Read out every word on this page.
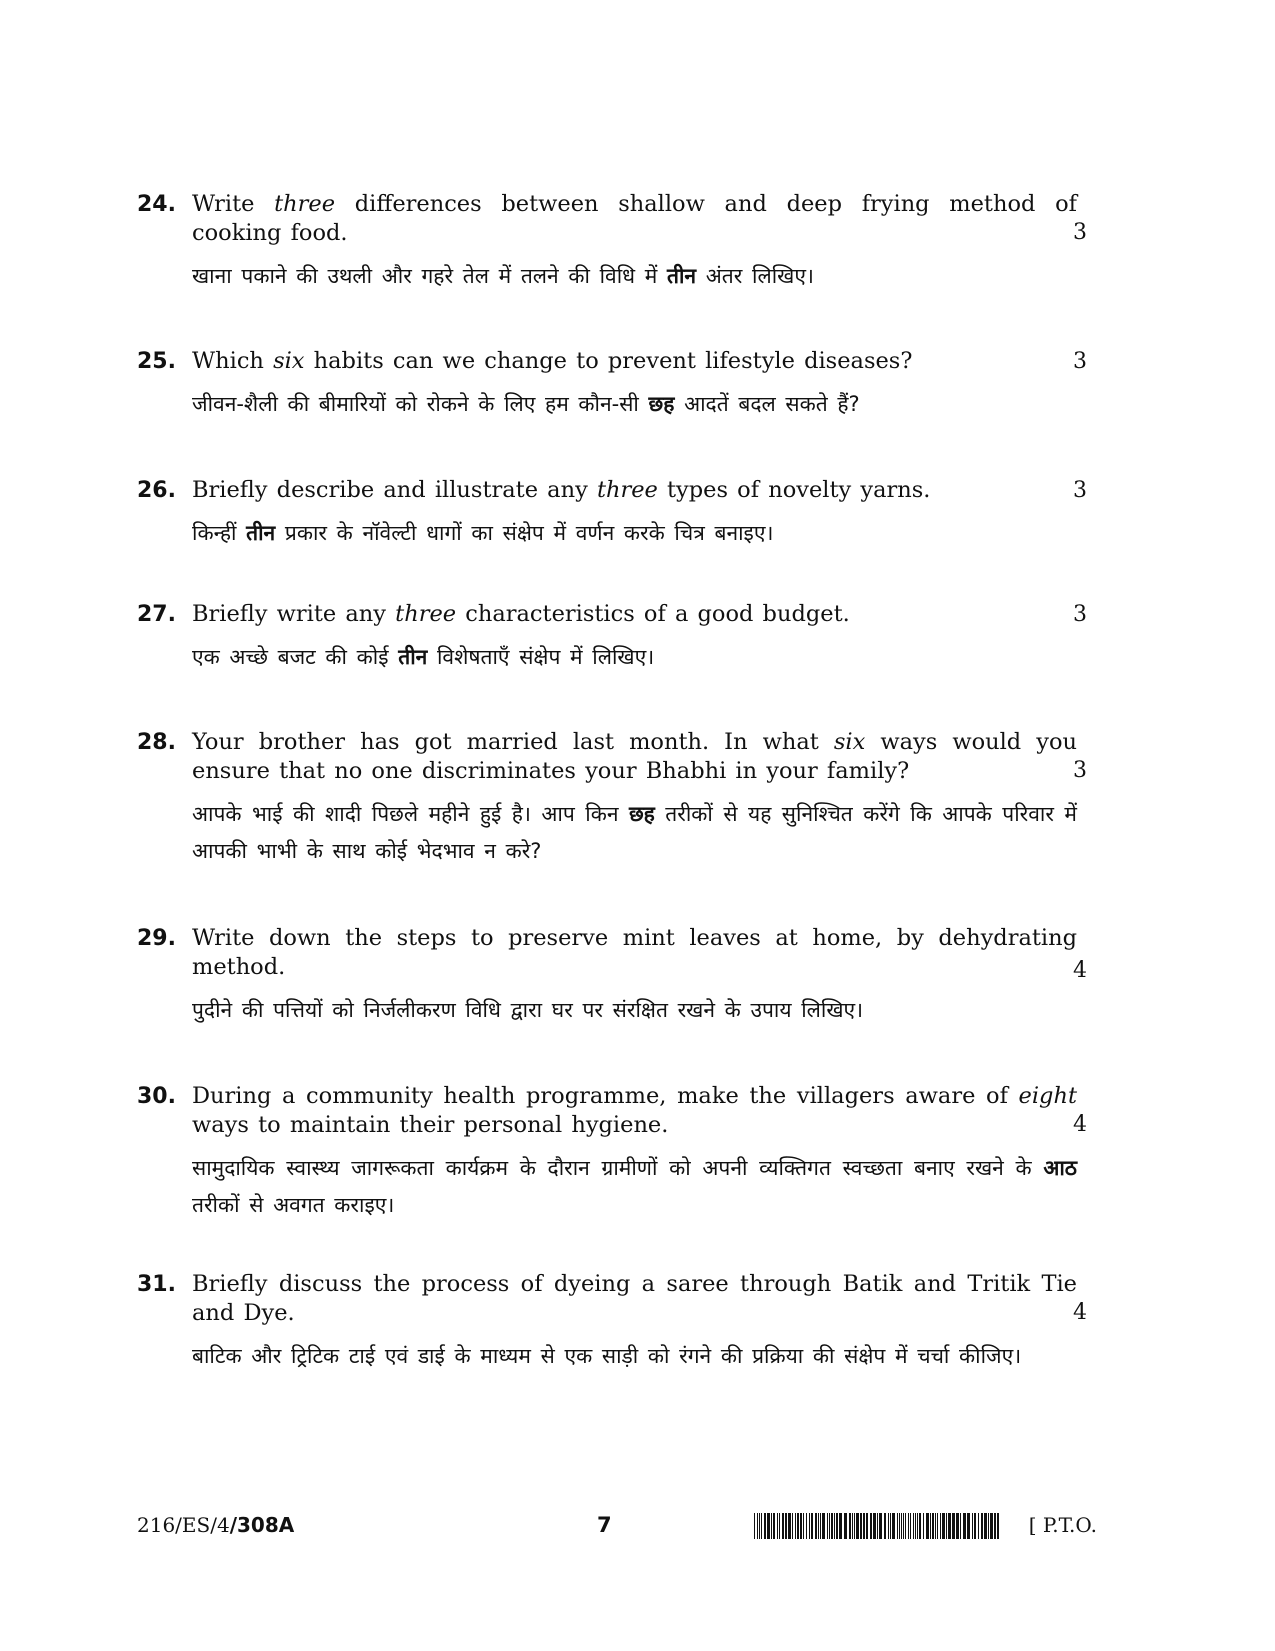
24. Write three differences between shallow and deep frying method of cooking food.
खाना पकाने की उथली और गहरे तेल में तलने की विधि में तीन अंतर लिखिए।
3
25. Which six habits can we change to prevent lifestyle diseases?
जीवन-शैली की बीमारियों को रोकने के लिए हम कौन-सी छह आदतें बदल सकते हैं?
3
26. Briefly describe and illustrate any three types of novelty yarns.
किन्हीं तीन प्रकार के नॉवेल्टी धागों का संक्षेप में वर्णन करके चित्र बनाइए।
3
27. Briefly write any three characteristics of a good budget.
एक अच्छे बजट की कोई तीन विशेषताएँ संक्षेप में लिखिए।
3
28. Your brother has got married last month. In what six ways would you ensure that no one discriminates your Bhabhi in your family?
आपके भाई की शादी पिछले महीने हुई है। आप किन छह तरीकों से यह सुनिश्चित करेंगे कि आपके परिवार में आपकी भाभी के साथ कोई भेदभाव न करे?
3
29. Write down the steps to preserve mint leaves at home, by dehydrating method.
पुदीने की पत्तियों को निर्जलीकरण विधि द्वारा घर पर संरक्षित रखने के उपाय लिखिए।
4
30. During a community health programme, make the villagers aware of eight ways to maintain their personal hygiene.
सामुदायिक स्वास्थ्य जागरूकता कार्यक्रम के दौरान ग्रामीणों को अपनी व्यक्तिगत स्वच्छता बनाए रखने के आठ तरीकों से अवगत कराइए।
4
31. Briefly discuss the process of dyeing a saree through Batik and Tritik Tie and Dye.
बाटिक और ट्रिटिक टाई एवं डाई के माध्यम से एक साड़ी को रंगने की प्रक्रिया की संक्षेप में चर्चा कीजिए।
4
216/ES/4/308A	7	[ P.T.O.
